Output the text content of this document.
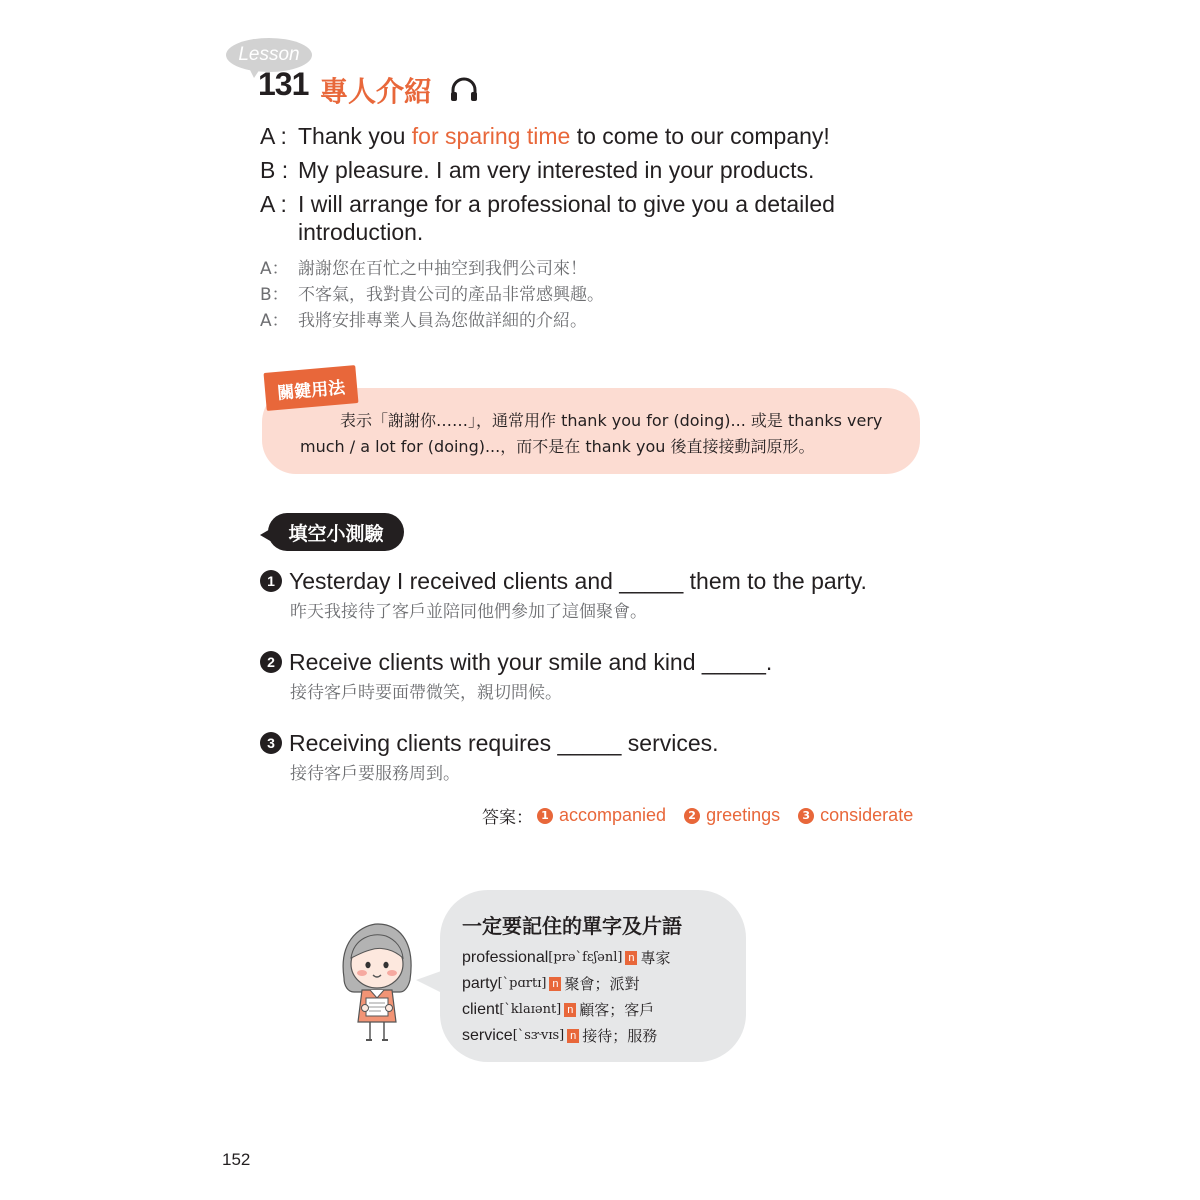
Lesson
131 專人介紹
A : Thank you for sparing time to come to our company!
B : My pleasure. I am very interested in your products.
A : I will arrange for a professional to give you a detailed introduction.
A： 謝謝您在百忙之中抽空到我們公司來！
B： 不客氣，我對貴公司的產品非常感興趣。
A： 我將安排專業人員為您做詳細的介紹。
關鍵用法
表示「謝謝你……」，通常用作 thank you for (doing)... 或是 thanks very much / a lot for (doing)...，而不是在 thank you 後直接接動詞原形。
填空小測驗
1 Yesterday I received clients and _____ them to the party.
昨天我接待了客戶並陪同他們參加了這個聚會。
2 Receive clients with your smile and kind _____.
接待客戶時要面帶微笑，親切問候。
3 Receiving clients requires _____ services.
接待客戶要服務周到。
答案： 1 accompanied	2 greetings	3 considerate
一定要記住的單字及片語
professional [prə`fɛʃənl] n 專家
party [`pɑrtɪ] n 聚會；派對
client [`klaɪənt] n 顧客；客戶
service [`sɝvɪs] n 接待；服務
152
